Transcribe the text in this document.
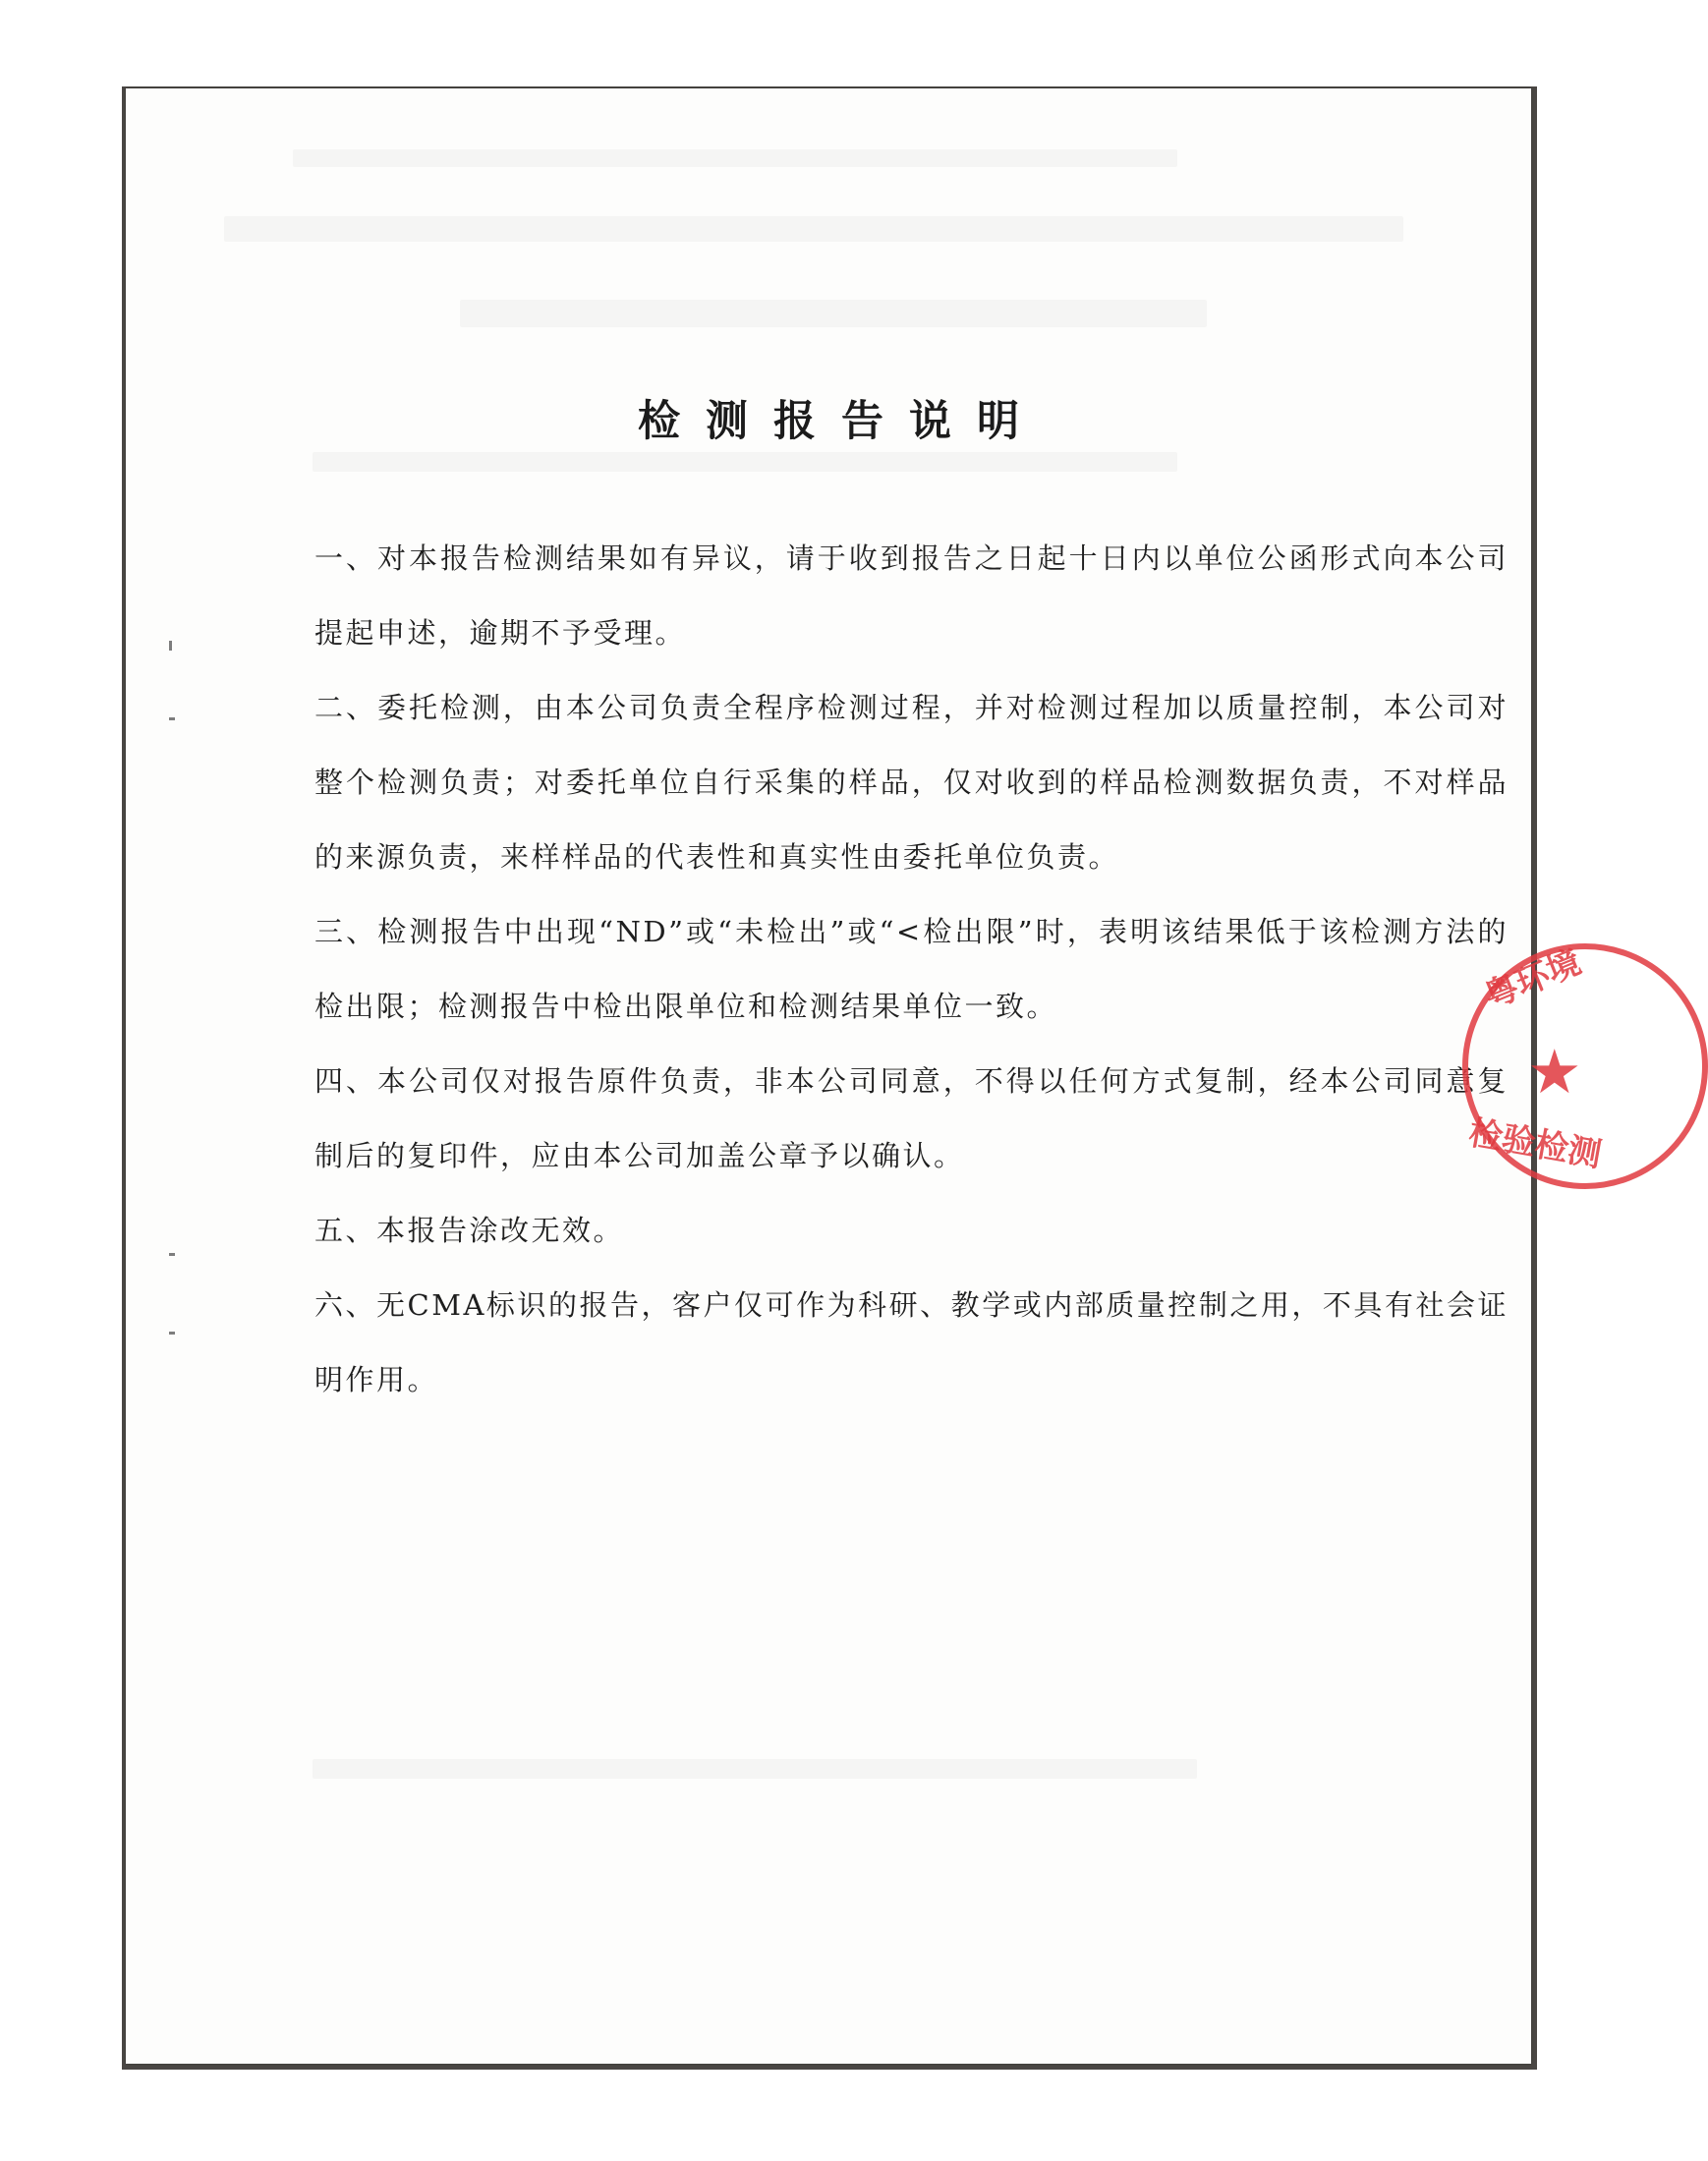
检测报告说明
一、对本报告检测结果如有异议，请于收到报告之日起十日内以单位公函形式向本公司提起申述，逾期不予受理。
二、委托检测，由本公司负责全程序检测过程，并对检测过程加以质量控制，本公司对整个检测负责；对委托单位自行采集的样品，仅对收到的样品检测数据负责，不对样品的来源负责，来样样品的代表性和真实性由委托单位负责。
三、检测报告中出现“ND”或“未检出”或“<检出限”时，表明该结果低于该检测方法的检出限；检测报告中检出限单位和检测结果单位一致。
四、本公司仅对报告原件负责，非本公司同意，不得以任何方式复制，经本公司同意复制后的复印件，应由本公司加盖公章予以确认。
五、本报告涂改无效。
六、无CMA标识的报告，客户仅可作为科研、教学或内部质量控制之用，不具有社会证明作用。
粤环境
★
检验检测
